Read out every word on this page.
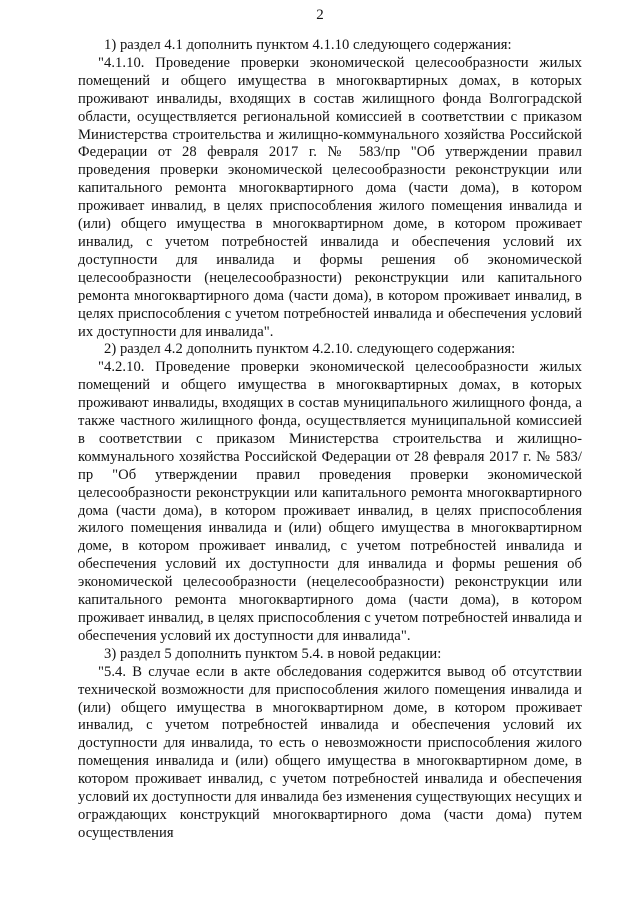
2

1) раздел 4.1 дополнить пунктом 4.1.10 следующего содержания:

"4.1.10. Проведение проверки экономической целесообразности жилых помещений и общего имущества в многоквартирных домах, в которых проживают инвалиды, входящих в состав жилищного фонда Волгоградской области, осуществляется региональной комиссией в соответствии с приказом Министерства строительства и жилищно-коммунального хозяйства Российской Федерации от 28 февраля 2017 г. № 583/пр "Об утверждении правил проведения проверки экономической целесообразности реконструкции или капитального ремонта многоквартирного дома (части дома), в котором проживает инвалид, в целях приспособления жилого помещения инвалида и (или) общего имущества в многоквартирном доме, в котором проживает инвалид, с учетом потребностей инвалида и обеспечения условий их доступности для инвалида и формы решения об экономической целесообразности (нецелесообразности) реконструкции или капитального ремонта многоквартирного дома (части дома), в котором проживает инвалид, в целях приспособления с учетом потребностей инвалида и обеспечения условий их доступности для инвалида".

2) раздел 4.2 дополнить пунктом 4.2.10. следующего содержания:

"4.2.10. Проведение проверки экономической целесообразности жилых помещений и общего имущества в многоквартирных домах, в которых проживают инвалиды, входящих в состав муниципального жилищного фонда, а также частного жилищного фонда, осуществляется муниципальной комиссией в соответствии с приказом Министерства строительства и жилищно-коммунального хозяйства Российской Федерации от 28 февраля 2017 г. № 583/пр "Об утверждении правил проведения проверки экономической целесообразности реконструкции или капитального ремонта многоквартирного дома (части дома), в котором проживает инвалид, в целях приспособления жилого помещения инвалида и (или) общего имущества в многоквартирном доме, в котором проживает инвалид, с учетом потребностей инвалида и обеспечения условий их доступности для инвалида и формы решения об экономической целесообразности (нецелесообразности) реконструкции или капитального ремонта многоквартирного дома (части дома), в котором проживает инвалид, в целях приспособления с учетом потребностей инвалида и обеспечения условий их доступности для инвалида".

3) раздел 5 дополнить пунктом 5.4. в новой редакции:

"5.4. В случае если в акте обследования содержится вывод об отсутствии технической возможности для приспособления жилого помещения инвалида и (или) общего имущества в многоквартирном доме, в котором проживает инвалид, с учетом потребностей инвалида и обеспечения условий их доступности для инвалида, то есть о невозможности приспособления жилого помещения инвалида и (или) общего имущества в многоквартирном доме, в котором проживает инвалид, с учетом потребностей инвалида и обеспечения условий их доступности для инвалида без изменения существующих несущих и ограждающих конструкций многоквартирного дома (части дома) путем осуществления
